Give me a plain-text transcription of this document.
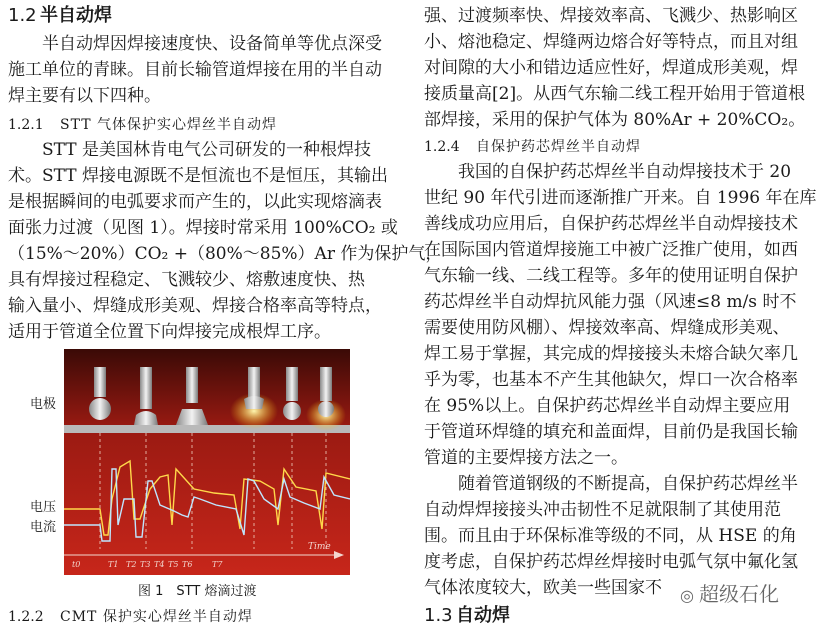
1.2 半自动焊
　　半自动焊因焊接速度快、设备简单等优点深受
施工单位的青睐。目前长输管道焊接在用的半自动
焊主要有以下四种。
1.2.1 STT 气体保护实心焊丝半自动焊
　　STT 是美国林肯电气公司研发的一种根焊技
术。STT 焊接电源既不是恒流也不是恒压，其输出
是根据瞬间的电弧要求而产生的，以此实现熔滴表
面张力过渡（见图 1）。焊接时常采用 100%CO₂ 或
（15%～20%）CO₂ +（80%～85%）Ar 作为保护气，
具有焊接过程稳定、飞溅较少、熔敷速度快、热
输入量小、焊缝成形美观、焊接合格率高等特点，
适用于管道全位置下向焊接完成根焊工序。
1.2.2 CMT 保护实心焊丝半自动焊
电极
电压
电流
Time
t0	T1 T2 T3 T4 T5 T6 T7
图 1　STT 熔滴过渡
强、过渡频率快、焊接效率高、飞溅少、热影响区
小、熔池稳定、焊缝两边熔合好等特点，而且对组
对间隙的大小和错边适应性好，焊道成形美观，焊
接质量高[2]。从西气东输二线工程开始用于管道根
部焊接，采用的保护气体为 80%Ar + 20%CO₂。
1.2.4 自保护药芯焊丝半自动焊
　　我国的自保护药芯焊丝半自动焊接技术于 20
世纪 90 年代引进而逐渐推广开来。自 1996 年在库
善线成功应用后，自保护药芯焊丝半自动焊接技术
在国际国内管道焊接施工中被广泛推广使用，如西
气东输一线、二线工程等。多年的使用证明自保护
药芯焊丝半自动焊抗风能力强（风速≤8 m/s 时不
需要使用防风棚）、焊接效率高、焊缝成形美观、
焊工易于掌握，其完成的焊接接头未熔合缺欠率几
乎为零，也基本不产生其他缺欠，焊口一次合格率
在 95%以上。自保护药芯焊丝半自动焊主要应用
于管道环焊缝的填充和盖面焊，目前仍是我国长输
管道的主要焊接方法之一。
　　随着管道钢级的不断提高，自保护药芯焊丝半
自动焊焊接接头冲击韧性不足就限制了其使用范
围。而且由于环保标准等级的不同，从 HSE 的角
度考虑，自保护药芯焊丝焊接时电弧气氛中氟化氢
气体浓度较大，欧美一些国家不
1.3 自动焊
◎ 超级石化
